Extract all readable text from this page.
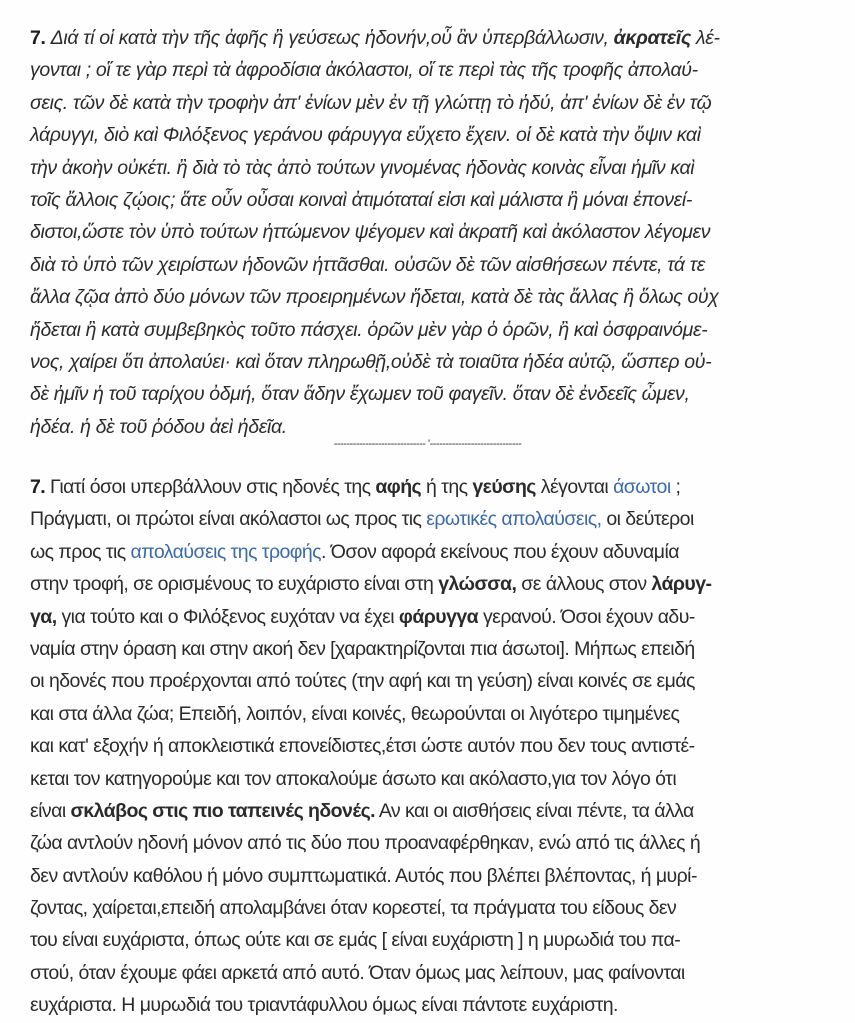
7. Διά τί οἱ κατὰ τὴν τῆς ἀφῆς ἢ γεύσεως ἡδονήν,οὗ ἂν ὑπερβάλλωσιν, ἀκρατεῖς λέ-
γονται ; οἵ τε γὰρ περὶ τὰ ἀφροδίσια ἀκόλαστοι, οἵ τε περὶ τὰς τῆς τροφῆς ἀπολαύ-
σεις. τῶν δὲ κατὰ τὴν τροφὴν ἀπ' ἐνίων μὲν ἐν τῇ γλώττῃ τὸ ἡδύ, ἀπ' ἐνίων δὲ ἐν τῷ
λάρυγγι, διὸ καὶ Φιλόξενος γεράνου φάρυγγα εὔχετο ἔχειν. οἱ δὲ κατὰ τὴν ὄψιν καὶ
τὴν ἀκοὴν οὐκέτι. ἢ διὰ τὸ τὰς ἀπὸ τούτων γινομένας ἡδονὰς κοινὰς εἶναι ἡμῖν καὶ
τοῖς ἄλλοις ζῴοις; ἅτε οὖν οὖσαι κοιναὶ ἀτιμόταταί εἰσι καὶ μάλιστα ἢ μόναι ἐπονεί-
διστοι,ὥστε τὸν ὑπὸ τούτων ἡττώμενον ψέγομεν καὶ ἀκρατῆ καὶ ἀκόλαστον λέγομεν
διὰ τὸ ὑπὸ τῶν χειρίστων ἡδονῶν ἡττᾶσθαι. οὐσῶν δὲ τῶν αἰσθήσεων πέντε, τά τε
ἄλλα ζῷα ἀπὸ δύο μόνων τῶν προειρημένων ἥδεται, κατὰ δὲ τὰς ἄλλας ἢ ὅλως οὐχ
ἥδεται ἢ κατὰ συμβεβηκὸς τοῦτο πάσχει. ὁρῶν μὲν γὰρ ὁ ὁρῶν, ἢ καὶ ὀσφραινόμε-
νος, χαίρει ὅτι ἀπολαύει· καὶ ὅταν πληρωθῇ,οὐδὲ τὰ τοιαῦτα ἡδέα αὐτῷ, ὥσπερ οὐ-
δὲ ἡμῖν ἡ τοῦ ταρίχου ὀδμή, ὅταν ἅδην ἔχωμεν τοῦ φαγεῖν. ὅταν δὲ ἐνδεεῖς ὦμεν,
ἡδέα. ἡ δὲ τοῦ ῥόδου ἀεὶ ἡδεῖα.
----------------------------- '-----------------------------
7. Γιατί όσοι υπερβάλλουν στις ηδονές της αφής ή της γεύσης λέγονται άσωτοι ;
Πράγματι, οι πρώτοι είναι ακόλαστοι ως προς τις ερωτικές απολαύσεις, οι δεύτεροι
ως προς τις απολαύσεις της τροφής. Όσον αφορά εκείνους που έχουν αδυναμία
στην τροφή, σε ορισμένους το ευχάριστο είναι στη γλώσσα, σε άλλους στον λάρυγ-
γα, για τούτο και ο Φιλόξενος ευχόταν να έχει φάρυγγα γερανού. Όσοι έχουν αδυ-
ναμία στην όραση και στην ακοή δεν [χαρακτηρίζονται πια άσωτοι]. Μήπως επειδή
οι ηδονές που προέρχονται από τούτες (την αφή και τη γεύση) είναι κοινές σε εμάς
και στα άλλα ζώα; Επειδή, λοιπόν, είναι κοινές, θεωρούνται οι λιγότερο τιμημένες
και κατ' εξοχήν ή αποκλειστικά επονείδιστες,έτσι ώστε αυτόν που δεν τους αντιστέ-
κεται τον κατηγορούμε και τον αποκαλούμε άσωτο και ακόλαστο,για τον λόγο ότι
είναι σκλάβος στις πιο ταπεινές ηδονές. Αν και οι αισθήσεις είναι πέντε, τα άλλα
ζώα αντλούν ηδονή μόνον από τις δύο που προαναφέρθηκαν, ενώ από τις άλλες ή
δεν αντλούν καθόλου ή μόνο συμπτωματικά. Αυτός που βλέπει βλέποντας, ή μυρί-
ζοντας, χαίρεται,επειδή απολαμβάνει όταν κορεστεί, τα πράγματα του είδους δεν
του είναι ευχάριστα, όπως ούτε και σε εμάς [ είναι ευχάριστη ] η μυρωδιά του πα-
στού, όταν έχουμε φάει αρκετά από αυτό. Όταν όμως μας λείπουν, μας φαίνονται
ευχάριστα. Η μυρωδιά του τριαντάφυλλου όμως είναι πάντοτε ευχάριστη.
